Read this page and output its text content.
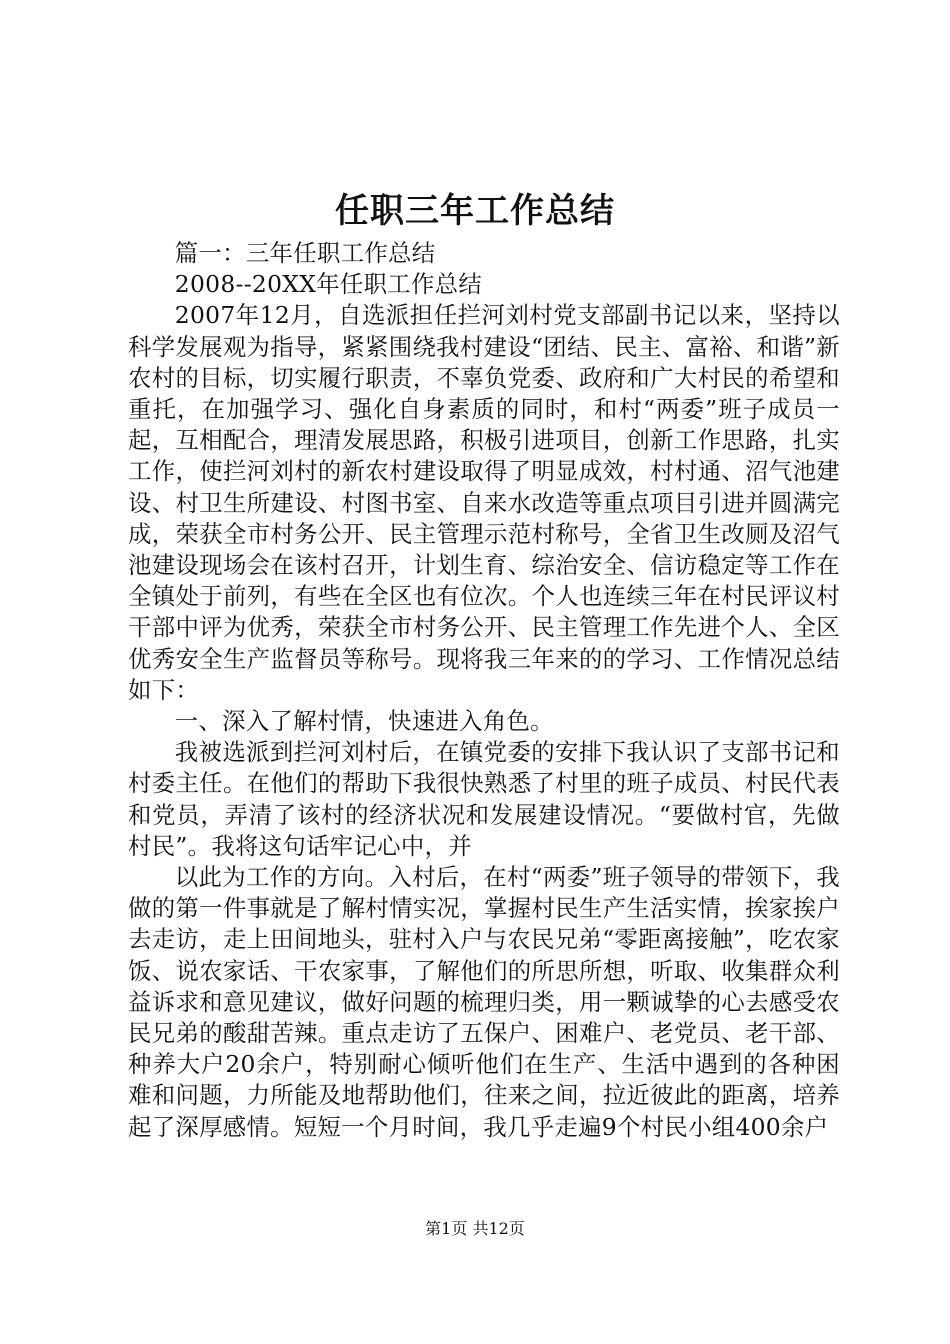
任职三年工作总结

篇一：三年任职工作总结

2008--20XX年任职工作总结

2007年12月，自选派担任拦河刘村党支部副书记以来，坚持以科学发展观为指导，紧紧围绕我村建设“团结、民主、富裕、和谐”新农村的目标，切实履行职责，不辜负党委、政府和广大村民的希望和重托，在加强学习、强化自身素质的同时，和村“两委”班子成员一起，互相配合，理清发展思路，积极引进项目，创新工作思路，扎实工作，使拦河刘村的新农村建设取得了明显成效，村村通、沼气池建设、村卫生所建设、村图书室、自来水改造等重点项目引进并圆满完成，荣获全市村务公开、民主管理示范村称号，全省卫生改厕及沼气池建设现场会在该村召开，计划生育、综治安全、信访稳定等工作在全镇处于前列，有些在全区也有位次。个人也连续三年在村民评议村干部中评为优秀，荣获全市村务公开、民主管理工作先进个人、全区优秀安全生产监督员等称号。现将我三年来的的学习、工作情况总结如下：

一、深入了解村情，快速进入角色。

我被选派到拦河刘村后，在镇党委的安排下我认识了支部书记和村委主任。在他们的帮助下我很快熟悉了村里的班子成员、村民代表和党员，弄清了该村的经济状况和发展建设情况。“要做村官，先做村民”。我将这句话牢记心中，并

以此为工作的方向。入村后，在村“两委”班子领导的带领下，我做的第一件事就是了解村情实况，掌握村民生产生活实情，挨家挨户去走访，走上田间地头，驻村入户与农民兄弟“零距离接触”，吃农家饭、说农家话、干农家事，了解他们的所思所想，听取、收集群众利益诉求和意见建议，做好问题的梳理归类，用一颗诚挚的心去感受农民兄弟的酸甜苦辣。重点走访了五保户、困难户、老党员、老干部、种养大户20余户，特别耐心倾听他们在生产、生活中遇到的各种困难和问题，力所能及地帮助他们，往来之间，拉近彼此的距离，培养起了深厚感情。短短一个月时间，我几乎走遍9个村民小组400余户

第1页 共12页
